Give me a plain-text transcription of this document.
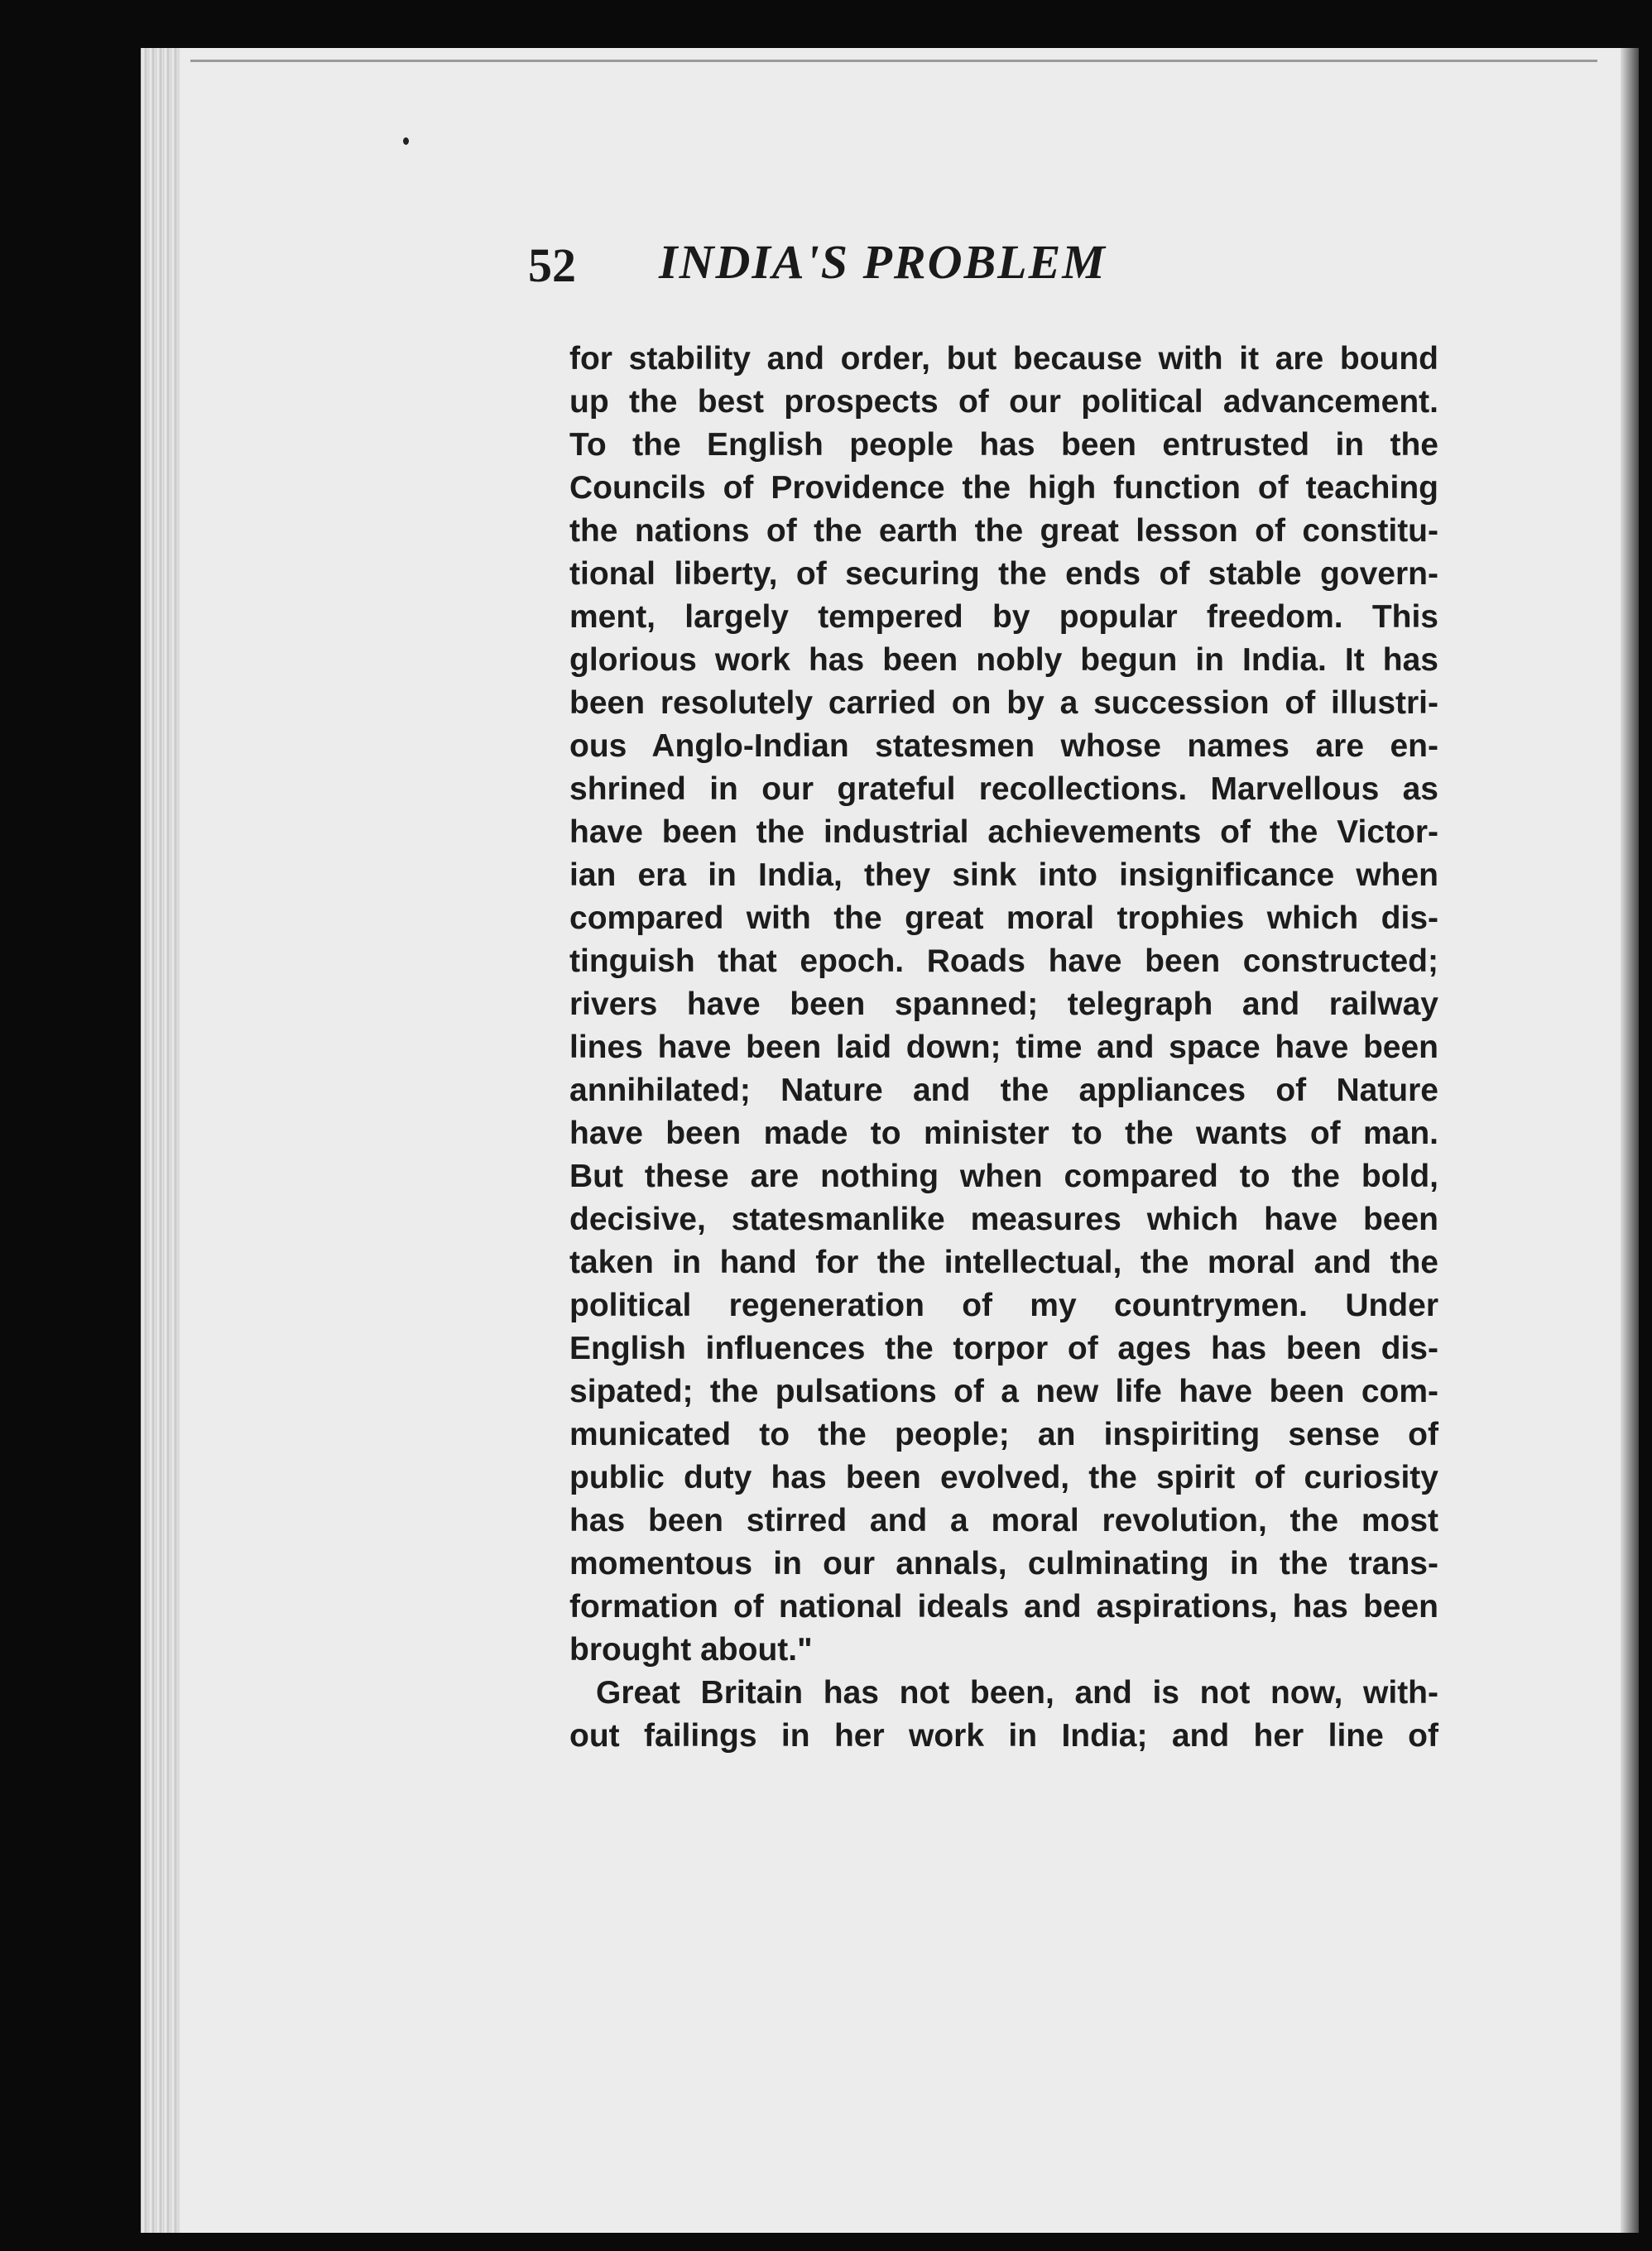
52 INDIA'S PROBLEM
for stability and order, but because with it are bound
up the best prospects of our political advancement.
To the English people has been entrusted in the
Councils of Providence the high function of teaching
the nations of the earth the great lesson of constitu-
tional liberty, of securing the ends of stable govern-
ment, largely tempered by popular freedom. This
glorious work has been nobly begun in India. It has
been resolutely carried on by a succession of illustri-
ous Anglo-Indian statesmen whose names are en-
shrined in our grateful recollections. Marvellous as
have been the industrial achievements of the Victor-
ian era in India, they sink into insignificance when
compared with the great moral trophies which dis-
tinguish that epoch. Roads have been constructed;
rivers have been spanned; telegraph and railway
lines have been laid down; time and space have been
annihilated; Nature and the appliances of Nature
have been made to minister to the wants of man.
But these are nothing when compared to the bold,
decisive, statesmanlike measures which have been
taken in hand for the intellectual, the moral and the
political regeneration of my countrymen. Under
English influences the torpor of ages has been dis-
sipated; the pulsations of a new life have been com-
municated to the people; an inspiriting sense of
public duty has been evolved, the spirit of curiosity
has been stirred and a moral revolution, the most
momentous in our annals, culminating in the trans-
formation of national ideals and aspirations, has been
brought about."
Great Britain has not been, and is not now, with-
out failings in her work in India; and her line of
